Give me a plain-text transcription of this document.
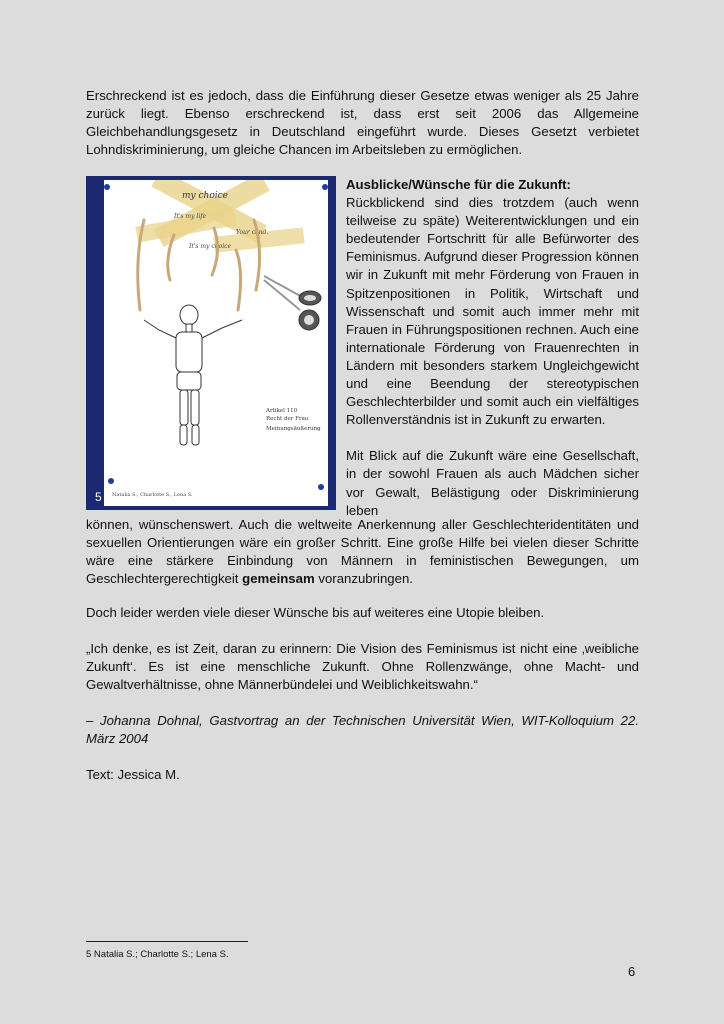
Erschreckend ist es jedoch, dass die Einführung dieser Gesetze etwas weniger als 25 Jahre zurück liegt. Ebenso erschreckend ist, dass erst seit 2006 das Allgemeine Gleichbehandlungsgesetz in Deutschland eingeführt wurde. Dieses Gesetzt verbietet Lohndiskriminierung, um gleiche Chancen im Arbeitsleben zu ermöglichen.

my choice
It's my life
It's my choice
Your cond.
Artikel 110
Recht der Frau
Meinungsäußerung
Natalia S., Charlotte S., Lena S.
5
Ausblicke/Wünsche für die Zukunft:

Rückblickend sind dies trotzdem (auch wenn teilweise zu späte) Weiterentwicklungen und ein bedeutender Fortschritt für alle Befürworter des Feminismus. Aufgrund dieser Progression können wir in Zukunft mit mehr Förderung von Frauen in Spitzenpositionen in Politik, Wirtschaft und Wissenschaft und somit auch immer mehr mit Frauen in Führungspositionen rechnen. Auch eine internationale Förderung von Frauenrechten in Ländern mit besonders starkem Ungleichgewicht und eine Beendung der stereotypischen Geschlechterbilder und somit auch ein vielfältiges Rollenverständnis ist in Zukunft zu erwarten.

Mit Blick auf die Zukunft wäre eine Gesellschaft, in der sowohl Frauen als auch Mädchen sicher vor Gewalt, Belästigung oder Diskriminierung leben

können, wünschenswert. Auch die weltweite Anerkennung aller Geschlechteridentitäten und sexuellen Orientierungen wäre ein großer Schritt. Eine große Hilfe bei vielen dieser Schritte wäre eine stärkere Einbindung von Männern in feministischen Bewegungen, um Geschlechtergerechtigkeit gemeinsam voranzubringen.

Doch leider werden viele dieser Wünsche bis auf weiteres eine Utopie bleiben.

„Ich denke, es ist Zeit, daran zu erinnern: Die Vision des Feminismus ist nicht eine ‚weibliche Zukunft‘. Es ist eine menschliche Zukunft. Ohne Rollenzwänge, ohne Macht- und Gewaltverhältnisse, ohne Männerbündelei und Weiblichkeitswahn.“

– Johanna Dohnal, Gastvortrag an der Technischen Universität Wien, WIT-Kolloquium 22. März 2004

Text: Jessica M.

5 Natalia S.; Charlotte S.; Lena S.
6
